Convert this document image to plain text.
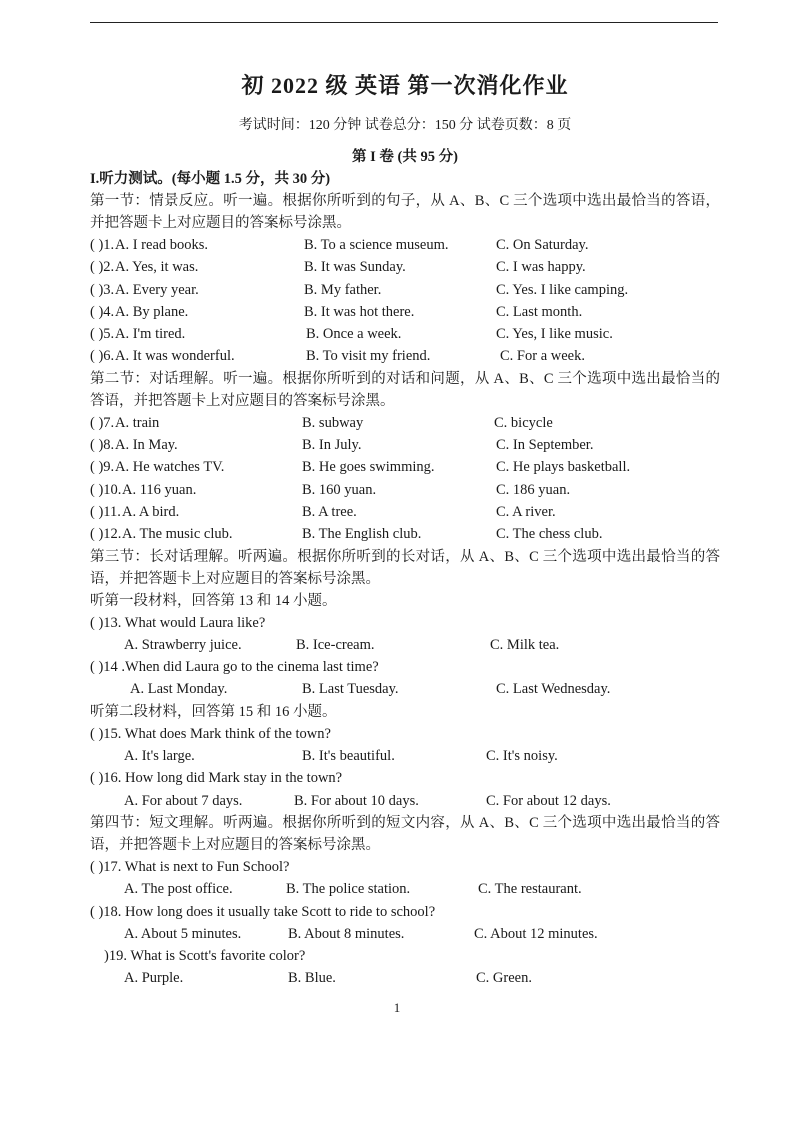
初 2022 级 英语 第一次消化作业
考试时间：120 分钟 试卷总分：150 分 试卷页数：8 页
第 I 卷 (共 95 分)
I.听力测试。(每小题 1.5 分，共 30 分)
第一节：情景反应。听一遍。根据你所听到的句子，从 A、B、C 三个选项中选出最恰当的答语，并把答题卡上对应题目的答案标号涂黑。
( )1. A. I read books.	B. To a science museum.	C. On Saturday.
( )2. A. Yes, it was.	B. It was Sunday.	C. I was happy.
( )3. A. Every year.	B. My father.	C. Yes. I like camping.
( )4. A. By plane.	B. It was hot there.	C. Last month.
( )5. A. I'm tired.	B. Once a week.	C. Yes, I like music.
( )6. A. It was wonderful.	B. To visit my friend.	C. For a week.
第二节：对话理解。听一遍。根据你所听到的对话和问题，从 A、B、C 三个选项中选出最恰当的答语，并把答题卡上对应题目的答案标号涂黑。
( )7. A. train	B. subway	C. bicycle
( )8. A. In May.	B. In July.	C. In September.
( )9. A. He watches TV.	B. He goes swimming.	C. He plays basketball.
( )10. A. 116 yuan.	B. 160 yuan.	C. 186 yuan.
( )11. A. A bird.	B. A tree.	C. A river.
( )12. A. The music club.	B. The English club.	C. The chess club.
第三节：长对话理解。听两遍。根据你所听到的长对话，从 A、B、C 三个选项中选出最恰当的答语，并把答题卡上对应题目的答案标号涂黑。
听第一段材料，回答第 13 和 14 小题。
( )13. What would Laura like?
A. Strawberry juice.	B. Ice-cream.	C. Milk tea.
( )14 .When did Laura go to the cinema last time?
A. Last Monday.	B. Last Tuesday.	C. Last Wednesday.
听第二段材料，回答第 15 和 16 小题。
( )15. What does Mark think of the town?
A. It's large.	B. It's beautiful.	C. It's noisy.
( )16. How long did Mark stay in the town?
A. For about 7 days.	B. For about 10 days.	C. For about 12 days.
第四节：短文理解。听两遍。根据你所听到的短文内容，从 A、B、C 三个选项中选出最恰当的答语，并把答题卡上对应题目的答案标号涂黑。
( )17. What is next to Fun School?
A. The post office.	B. The police station.	C. The restaurant.
( )18. How long does it usually take Scott to ride to school?
A. About 5 minutes.	B. About 8 minutes.	C. About 12 minutes.
)19. What is Scott's favorite color?
A. Purple.	B. Blue.	C. Green.
1
